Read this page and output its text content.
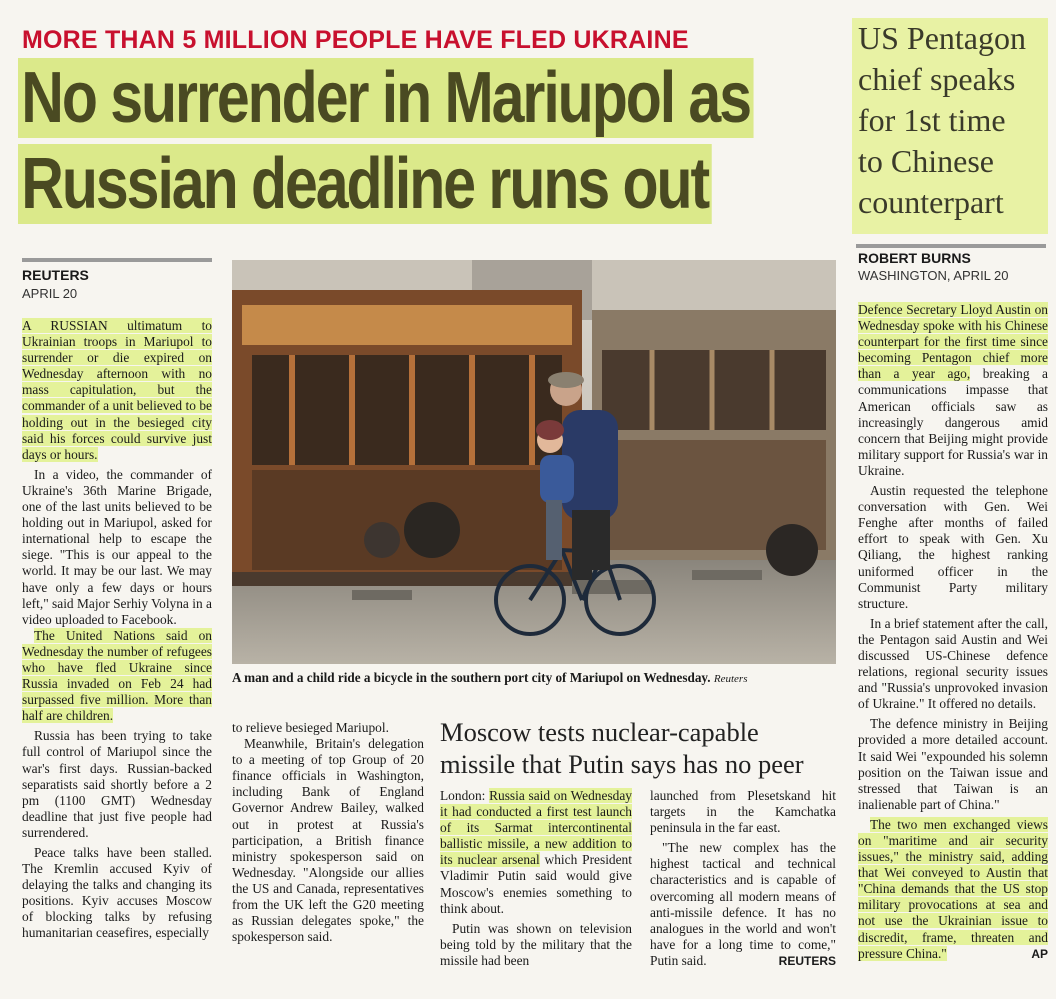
MORE THAN 5 MILLION PEOPLE HAVE FLED UKRAINE
No surrender in Mariupol as
Russian deadline runs out
US Pentagon
chief speaks
for 1st time
to Chinese
counterpart
REUTERS
APRIL 20

A RUSSIAN ultimatum to Ukrainian troops in Mariupol to surrender or die expired on Wednesday afternoon with no mass capitulation, but the commander of a unit believed to be holding out in the besieged city said his forces could survive just days or hours.

In a video, the commander of Ukraine's 36th Marine Brigade, one of the last units believed to be holding out in Mariupol, asked for international help to escape the siege. "This is our appeal to the world. It may be our last. We may have only a few days or hours left," said Major Serhiy Volyna in a video uploaded to Facebook.

The United Nations said on Wednesday the number of refugees who have fled Ukraine since Russia invaded on Feb 24 had surpassed five million. More than half are children.

Russia has been trying to take full control of Mariupol since the war's first days. Russian-backed separatists said shortly before a 2 pm (1100 GMT) Wednesday deadline that just five people had surrendered.

Peace talks have been stalled. The Kremlin accused Kyiv of delaying the talks and changing its positions. Kyiv accuses Moscow of blocking talks by refusing humanitarian ceasefires, especially

A man and a child ride a bicycle in the southern port city of Mariupol on Wednesday. Reuters

to relieve besieged Mariupol.

Meanwhile, Britain's delegation to a meeting of top Group of 20 finance officials in Washington, including Bank of England Governor Andrew Bailey, walked out in protest at Russia's participation, a British finance ministry spokesperson said on Wednesday. "Alongside our allies the US and Canada, representatives from the UK left the G20 meeting as Russian delegates spoke," the spokesperson said.

Moscow tests nuclear-capable missile that Putin says has no peer

London: Russia said on Wednesday it had conducted a first test launch of its Sarmat intercontinental ballistic missile, a new addition to its nuclear arsenal which President Vladimir Putin said would give Moscow's enemies something to think about.

Putin was shown on television being told by the military that the missile had been

launched from Plesetskand hit targets in the Kamchatka peninsula in the far east.

"The new complex has the highest tactical and technical characteristics and is capable of overcoming all modern means of anti-missile defence. It has no analogues in the world and won't have for a long time to come," Putin said.	REUTERS

ROBERT BURNS
WASHINGTON, APRIL 20

Defence Secretary Lloyd Austin on Wednesday spoke with his Chinese counterpart for the first time since becoming Pentagon chief more than a year ago, breaking a communications impasse that American officials saw as increasingly dangerous amid concern that Beijing might provide military support for Russia's war in Ukraine.

Austin requested the telephone conversation with Gen. Wei Fenghe after months of failed effort to speak with Gen. Xu Qiliang, the highest ranking uniformed officer in the Communist Party military structure.

In a brief statement after the call, the Pentagon said Austin and Wei discussed US-Chinese defence relations, regional security issues and "Russia's unprovoked invasion of Ukraine." It offered no details.

The defence ministry in Beijing provided a more detailed account. It said Wei "expounded his solemn position on the Taiwan issue and stressed that Taiwan is an inalienable part of China."

The two men exchanged views on "maritime and air security issues," the ministry said, adding that Wei conveyed to Austin that "China demands that the US stop military provocations at sea and not use the Ukrainian issue to discredit, frame, threaten and pressure China."	AP
